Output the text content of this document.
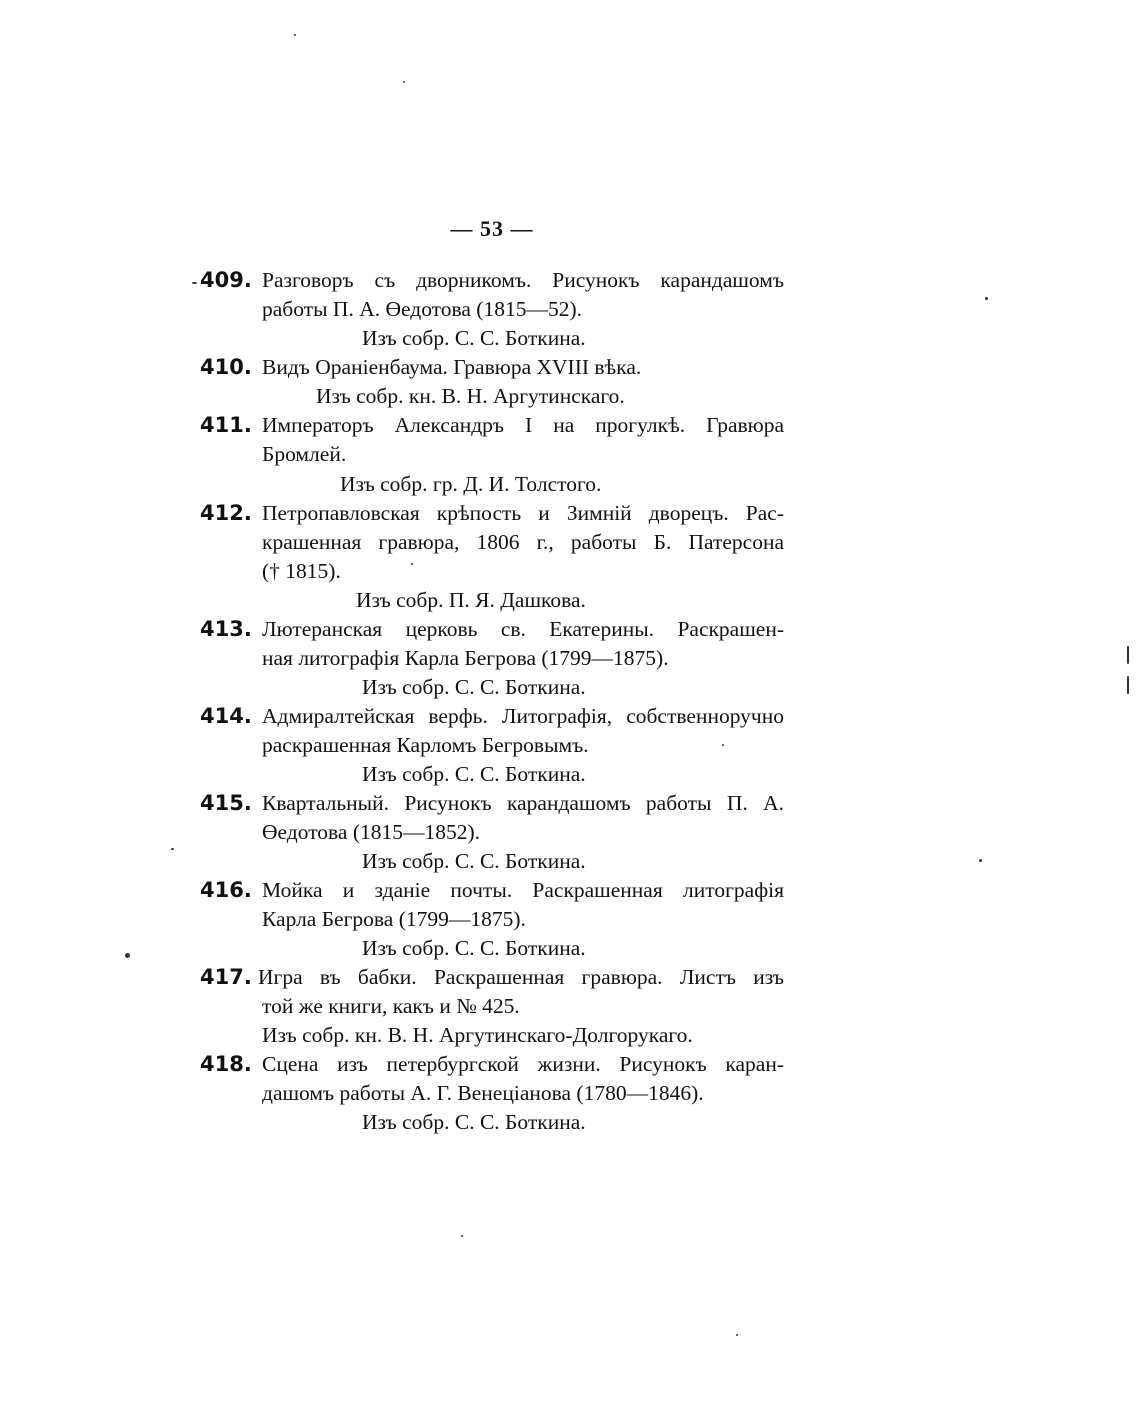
— 53 —
409. Разговоръ съ дворникомъ. Рисунокъ карандашомъ
работы П. А. Өедотова (1815—52).
Изъ собр. С. С. Боткина.
410. Видъ Ораніенбаума. Гравюра XVIII вѣка.
Изъ собр. кн. В. Н. Аргутинскаго.
411. Императоръ Александръ I на прогулкѣ. Гравюра
Бромлей.
Изъ собр. гр. Д. И. Толстого.
412. Петропавловская крѣпость и Зимній дворецъ. Рас-
крашенная гравюра, 1806 г., работы Б. Патерсона
(† 1815).
Изъ собр. П. Я. Дашкова.
413. Лютеранская церковь св. Екатерины. Раскрашен-
ная литографія Карла Бегрова (1799—1875).
Изъ собр. С. С. Боткина.
414. Адмиралтейская верфь. Литографія, собственноручно
раскрашенная Карломъ Бегровымъ.
Изъ собр. С. С. Боткина.
415. Квартальный. Рисунокъ карандашомъ работы П. А.
Өедотова (1815—1852).
Изъ собр. С. С. Боткина.
416. Мойка и зданіе почты. Раскрашенная литографія
Карла Бегрова (1799—1875).
Изъ собр. С. С. Боткина.
417. Игра въ бабки. Раскрашенная гравюра. Листъ изъ
той же книги, какъ и № 425.
Изъ собр. кн. В. Н. Аргутинскаго-Долгорукаго.
418. Сцена изъ петербургской жизни. Рисунокъ каран-
дашомъ работы А. Г. Венеціанова (1780—1846).
Изъ собр. С. С. Боткина.
